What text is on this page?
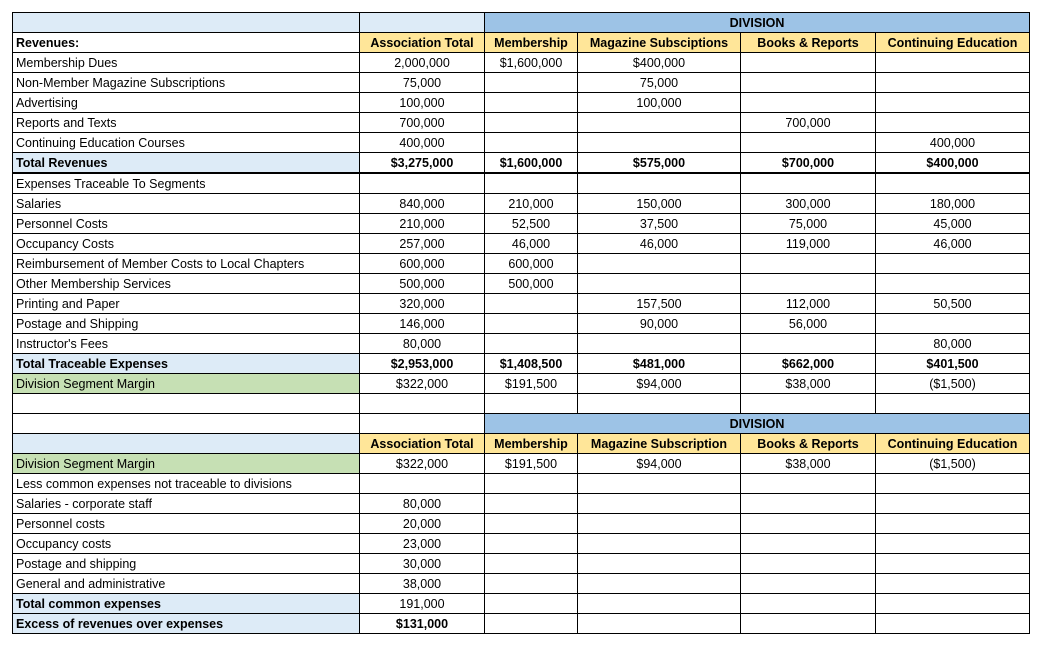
		DIVISION			
Revenues:	Association Total	Membership	Magazine Subsciptions	Books & Reports	Continuing Education
Membership Dues	2,000,000	$1,600,000	$400,000		
Non-Member Magazine Subscriptions	75,000		75,000		
Advertising	100,000		100,000		
Reports and Texts	700,000			700,000	
Continuing Education Courses	400,000				400,000
Total Revenues	$3,275,000	$1,600,000	$575,000	$700,000	$400,000
Expenses Traceable To Segments					
Salaries	840,000	210,000	150,000	300,000	180,000
Personnel Costs	210,000	52,500	37,500	75,000	45,000
Occupancy Costs	257,000	46,000	46,000	119,000	46,000
Reimbursement of Member Costs to Local Chapters	600,000	600,000			
Other Membership Services	500,000	500,000			
Printing and Paper	320,000		157,500	112,000	50,500
Postage and Shipping	146,000		90,000	56,000	
Instructor's Fees	80,000				80,000
Total Traceable Expenses	$2,953,000	$1,408,500	$481,000	$662,000	$401,500
Division Segment Margin	$322,000	$191,500	$94,000	$38,000	($1,500)

		DIVISION			
	Association Total	Membership	Magazine Subscription	Books & Reports	Continuing Education
Division Segment Margin	$322,000	$191,500	$94,000	$38,000	($1,500)
Less common expenses not traceable to divisions					
Salaries - corporate staff	80,000				
Personnel costs	20,000				
Occupancy costs	23,000				
Postage and shipping	30,000				
General and administrative	38,000				
Total common expenses	191,000				
Excess of revenues over expenses	$131,000				
